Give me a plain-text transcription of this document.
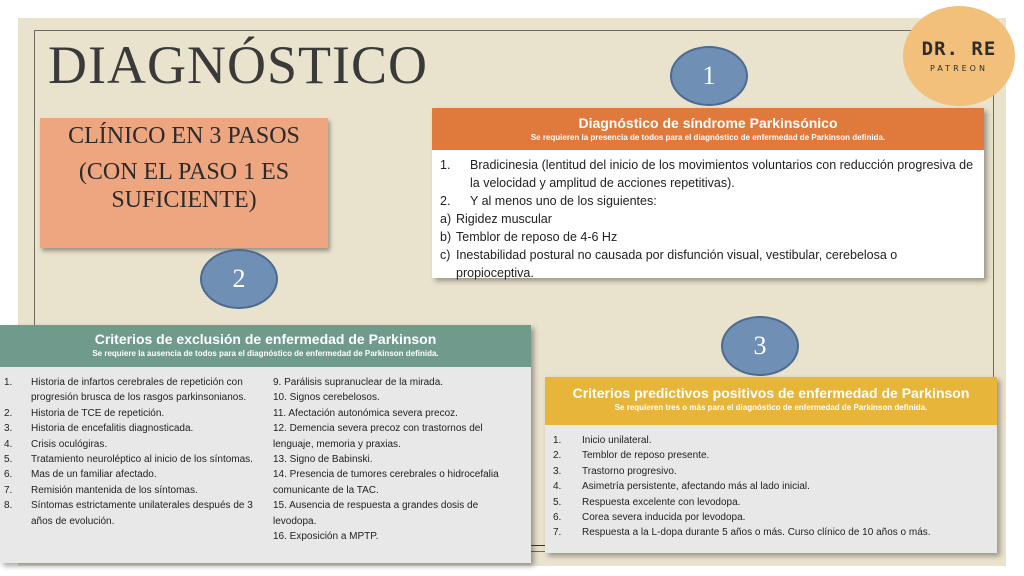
DIAGNÓSTICO	DR. RE
PATREON

CLÍNICO EN 3 PASOS

(CON EL PASO 1 ES SUFICIENTE)

1
2
3
Diagnóstico de síndrome Parkinsónico
Se requieren la presencia de todos para el diagnóstico de enfermedad de Parkinson definida.
1.	Bradicinesia (lentitud del inicio de los movimientos voluntarios con reducción progresiva de la velocidad y amplitud de acciones repetitivas).
2.	Y al menos uno de los siguientes:
a) Rigidez muscular
b) Temblor de reposo de 4-6 Hz
c) Inestabilidad postural no causada por disfunción visual, vestibular, cerebelosa o propioceptiva.
Criterios de exclusión de enfermedad de Parkinson
Se requiere la ausencia de todos para el diagnóstico de enfermedad de Parkinson definida.
1.	Historia de infartos cerebrales de repetición con progresión brusca de los rasgos parkinsonianos.
2.	Historia de TCE de repetición.
3.	Historia de encefalitis diagnosticada.
4.	Crisis oculógiras.
5.	Tratamiento neuroléptico al inicio de los síntomas.
6.	Mas de un familiar afectado.
7.	Remisión mantenida de los síntomas.
8.	Síntomas estrictamente unilaterales después de 3 años de evolución.
9. Parálisis supranuclear de la mirada.
10. Signos cerebelosos.
11. Afectación autonómica severa precoz.
12. Demencia severa precoz con trastornos del lenguaje, memoria y praxias.
13. Signo de Babinski.
14. Presencia de tumores cerebrales o hidrocefalia comunicante de la TAC.
15. Ausencia de respuesta a grandes dosis de levodopa.
16. Exposición a MPTP.
Criterios predictivos positivos de enfermedad de Parkinson
Se requieren tres o más para el diagnóstico de enfermedad de Parkinson definida.
1.	Inicio unilateral.
2.	Temblor de reposo presente.
3.	Trastorno progresivo.
4.	Asimetría persistente, afectando más al lado inicial.
5.	Respuesta excelente con levodopa.
6.	Corea severa inducida por levodopa.
7.	Respuesta a la L-dopa durante 5 años o más. Curso clínico de 10 años o más.
